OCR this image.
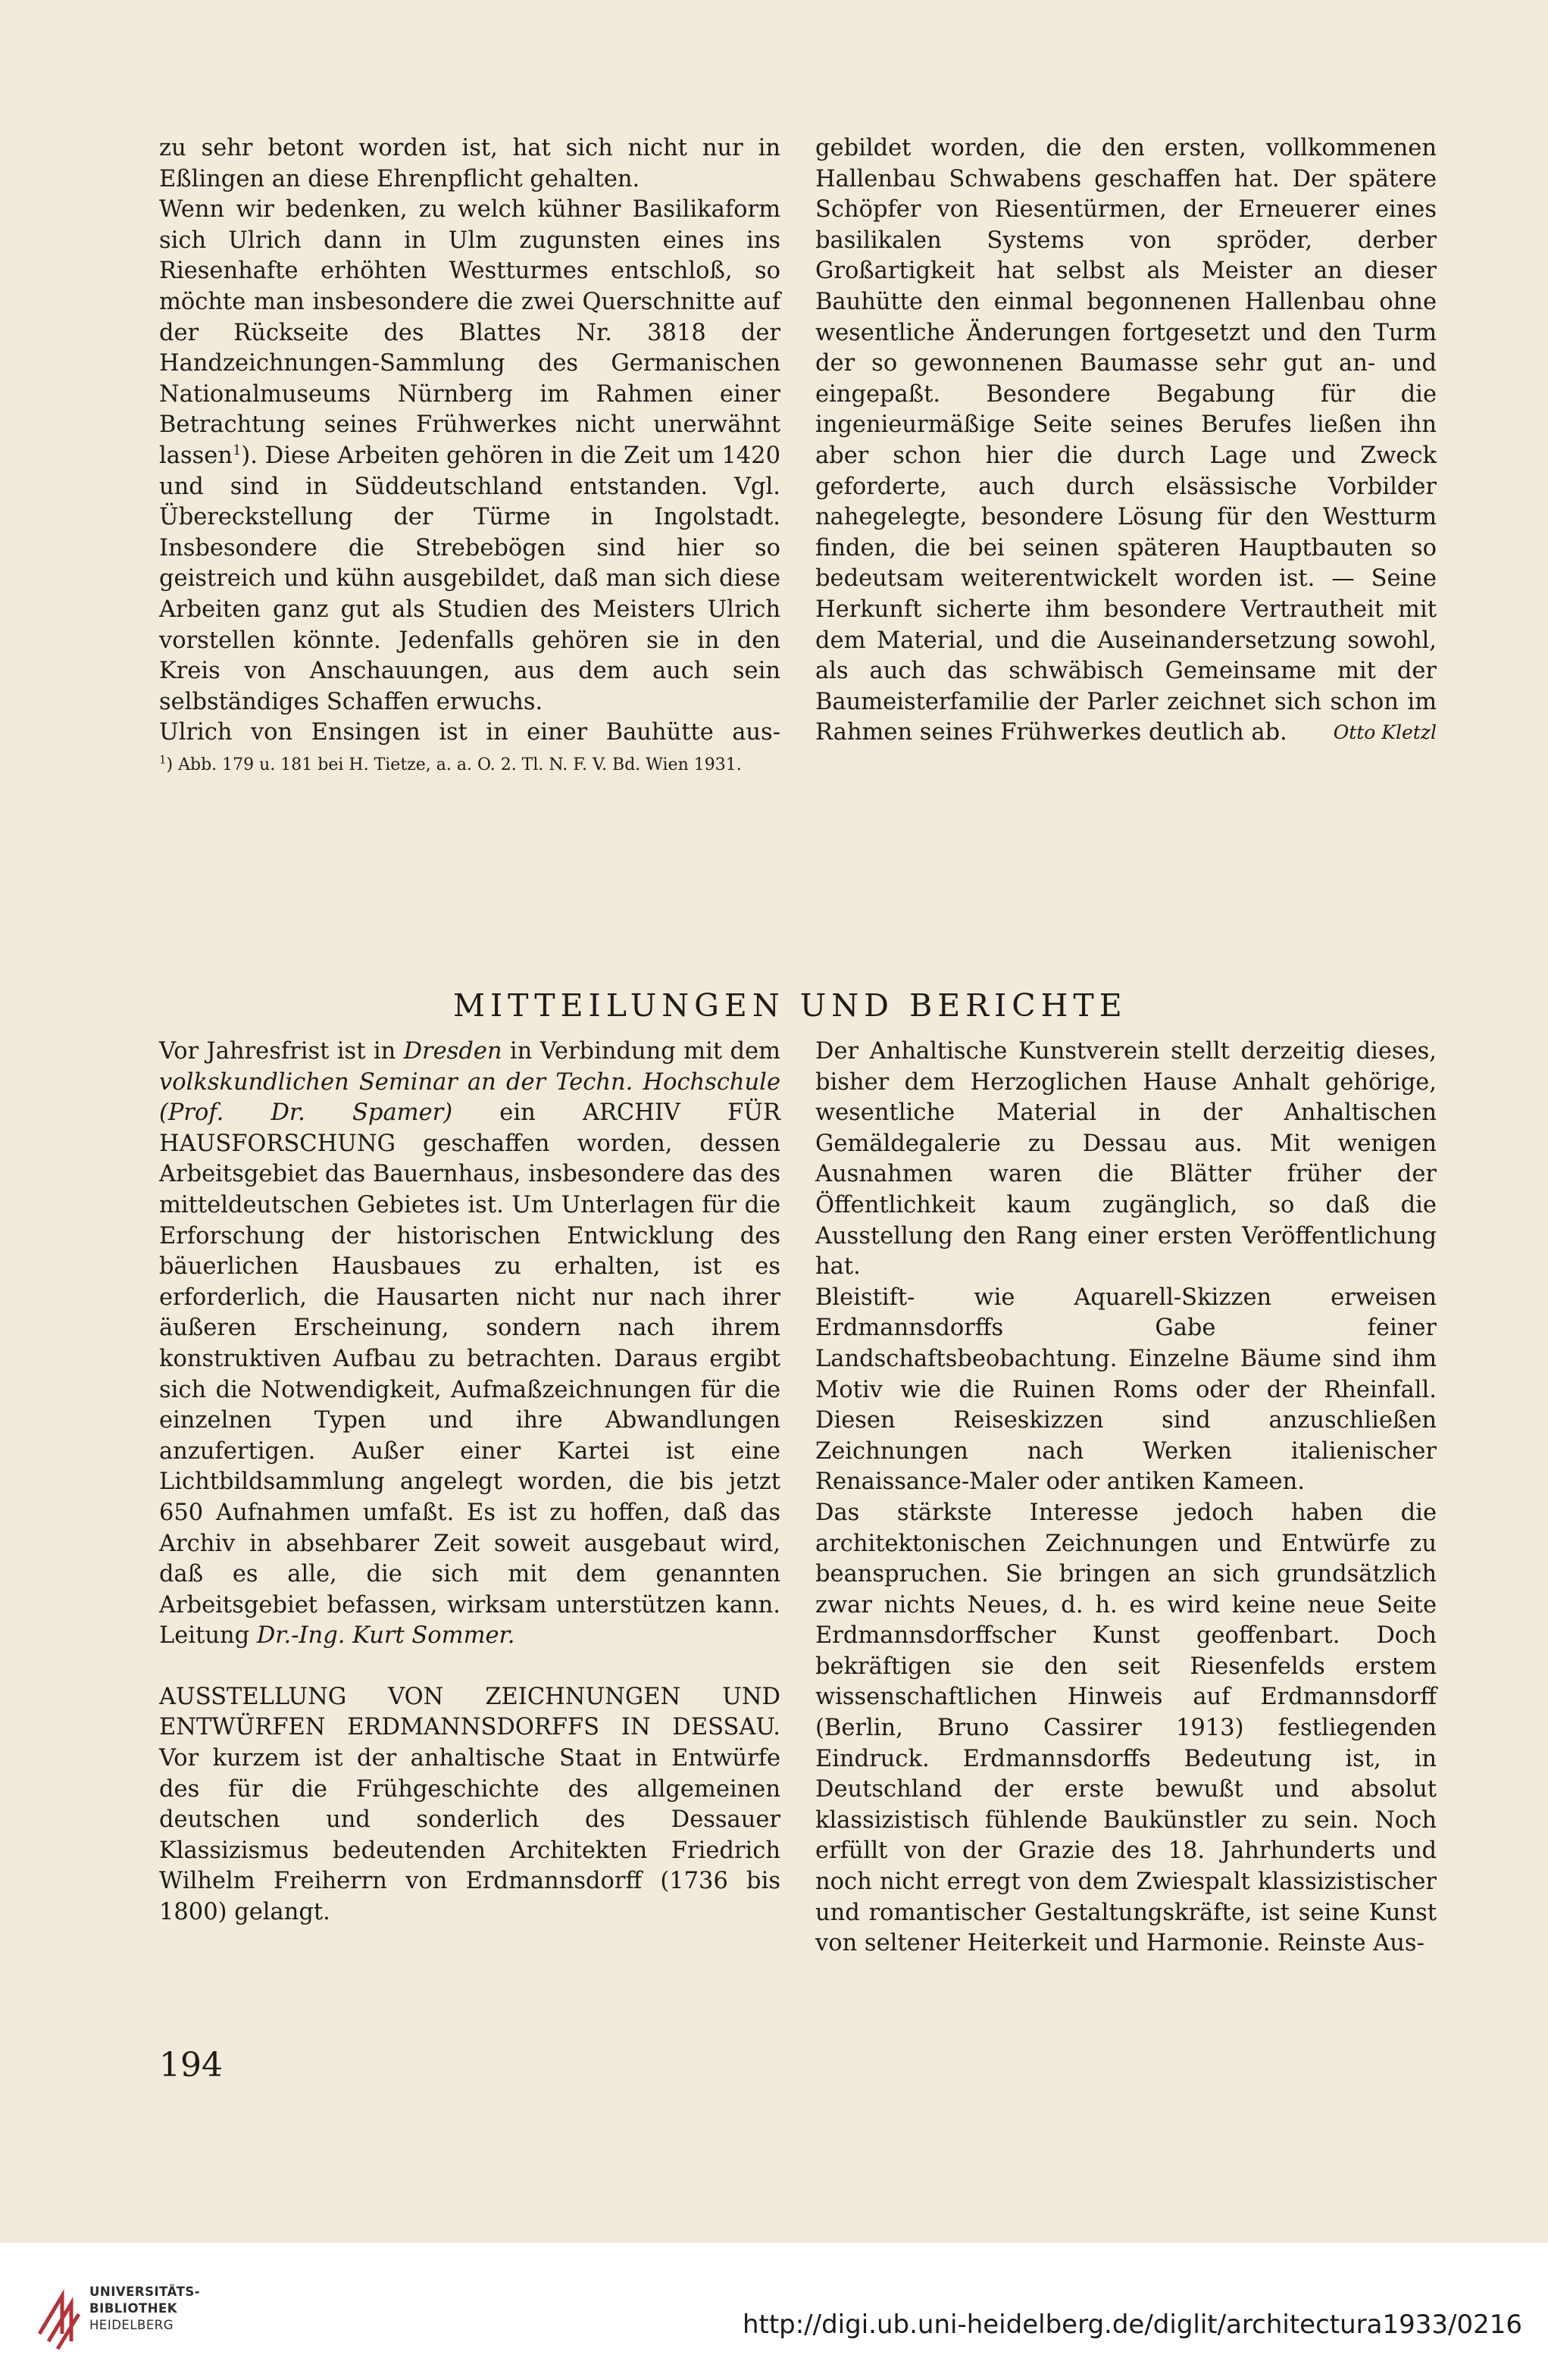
zu sehr betont worden ist, hat sich nicht nur in Eßlingen an diese Ehrenpflicht gehalten.

Wenn wir bedenken, zu welch kühner Basilikaform sich Ulrich dann in Ulm zugunsten eines ins Riesenhafte erhöhten Westturmes entschloß, so möchte man insbesondere die zwei Querschnitte auf der Rückseite des Blattes Nr. 3818 der Handzeichnungen-Sammlung des Germanischen Nationalmuseums Nürnberg im Rahmen einer Betrachtung seines Frühwerkes nicht unerwähnt lassen$^1$). Diese Arbeiten gehören in die Zeit um 1420 und sind in Süddeutschland entstanden. Vgl. Übereckstellung der Türme in Ingolstadt. Insbesondere die Strebebögen sind hier so geistreich und kühn ausgebildet, daß man sich diese Arbeiten ganz gut als Studien des Meisters Ulrich vorstellen könnte. Jedenfalls gehören sie in den Kreis von Anschauungen, aus dem auch sein selbständiges Schaffen erwuchs.

Ulrich von Ensingen ist in einer Bauhütte aus-

$^1$) Abb. 179 u. 181 bei H. Tietze, a. a. O. 2. Tl. N. F. V. Bd. Wien 1931.

gebildet worden, die den ersten, vollkommenen Hallenbau Schwabens geschaffen hat. Der spätere Schöpfer von Riesentürmen, der Erneuerer eines basilikalen Systems von spröder, derber Großartigkeit hat selbst als Meister an dieser Bauhütte den einmal begonnenen Hallenbau ohne wesentliche Änderungen fortgesetzt und den Turm der so gewonnenen Baumasse sehr gut an- und eingepaßt. Besondere Begabung für die ingenieurmäßige Seite seines Berufes ließen ihn aber schon hier die durch Lage und Zweck geforderte, auch durch elsässische Vorbilder nahegelegte, besondere Lösung für den Westturm finden, die bei seinen späteren Hauptbauten so bedeutsam weiterentwickelt worden ist. — Seine Herkunft sicherte ihm besondere Vertrautheit mit dem Material, und die Auseinandersetzung sowohl, als auch das schwäbisch Gemeinsame mit der Baumeisterfamilie der Parler zeichnet sich schon im Rahmen seines Frühwerkes deutlich ab. Otto Kletzl

MITTEILUNGEN UND BERICHTE

Vor Jahresfrist ist in Dresden in Verbindung mit dem volkskundlichen Seminar an der Techn. Hochschule (Prof. Dr. Spamer) ein ARCHIV FÜR HAUSFORSCHUNG geschaffen worden, dessen Arbeitsgebiet das Bauernhaus, insbesondere das des mitteldeutschen Gebietes ist. Um Unterlagen für die Erforschung der historischen Entwicklung des bäuerlichen Hausbaues zu erhalten, ist es erforderlich, die Hausarten nicht nur nach ihrer äußeren Erscheinung, sondern nach ihrem konstruktiven Aufbau zu betrachten. Daraus ergibt sich die Notwendigkeit, Aufmaßzeichnungen für die einzelnen Typen und ihre Abwandlungen anzufertigen. Außer einer Kartei ist eine Lichtbildsammlung angelegt worden, die bis jetzt 650 Aufnahmen umfaßt. Es ist zu hoffen, daß das Archiv in absehbarer Zeit soweit ausgebaut wird, daß es alle, die sich mit dem genannten Arbeitsgebiet befassen, wirksam unterstützen kann. Leitung Dr.-Ing. Kurt Sommer.

AUSSTELLUNG VON ZEICHNUNGEN UND ENTWÜRFEN ERDMANNSDORFFS IN DESSAU. Vor kurzem ist der anhaltische Staat in Entwürfe des für die Frühgeschichte des allgemeinen deutschen und sonderlich des Dessauer Klassizismus bedeutenden Architekten Friedrich Wilhelm Freiherrn von Erdmannsdorff (1736 bis 1800) gelangt.

Der Anhaltische Kunstverein stellt derzeitig dieses, bisher dem Herzoglichen Hause Anhalt gehörige, wesentliche Material in der Anhaltischen Gemäldegalerie zu Dessau aus. Mit wenigen Ausnahmen waren die Blätter früher der Öffentlichkeit kaum zugänglich, so daß die Ausstellung den Rang einer ersten Veröffentlichung hat.

Bleistift- wie Aquarell-Skizzen erweisen Erdmannsdorffs Gabe feiner Landschaftsbeobachtung. Einzelne Bäume sind ihm Motiv wie die Ruinen Roms oder der Rheinfall. Diesen Reiseskizzen sind anzuschließen Zeichnungen nach Werken italienischer Renaissance-Maler oder antiken Kameen.

Das stärkste Interesse jedoch haben die architektonischen Zeichnungen und Entwürfe zu beanspruchen. Sie bringen an sich grundsätzlich zwar nichts Neues, d. h. es wird keine neue Seite Erdmannsdorffscher Kunst geoffenbart. Doch bekräftigen sie den seit Riesenfelds erstem wissenschaftlichen Hinweis auf Erdmannsdorff (Berlin, Bruno Cassirer 1913) festliegenden Eindruck. Erdmannsdorffs Bedeutung ist, in Deutschland der erste bewußt und absolut klassizistisch fühlende Baukünstler zu sein. Noch erfüllt von der Grazie des 18. Jahrhunderts und noch nicht erregt von dem Zwiespalt klassizistischer und romantischer Gestaltungskräfte, ist seine Kunst von seltener Heiterkeit und Harmonie. Reinste Aus-

194
UNIVERSITÄTS-
BIBLIOTHEK
HEIDELBERG	http://digi.ub.uni-heidelberg.de/diglit/architectura1933/0216
